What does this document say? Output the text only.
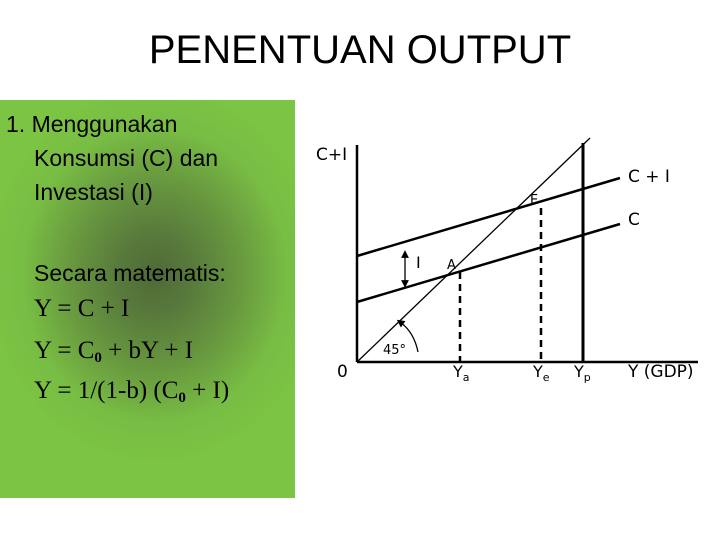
PENENTUAN OUTPUT
1. Menggunakan
Konsumsi (C) dan
Investasi (I)
Secara matematis:
Y = C + I
$Y = C_0$ + bY + I
Y = 1/(1-b) $(C_0 + I)$
C+I
0	Y (GDP)
C + I
C
E
A
I
45°
$Y_a$	$Y_e$ $Y_p$
